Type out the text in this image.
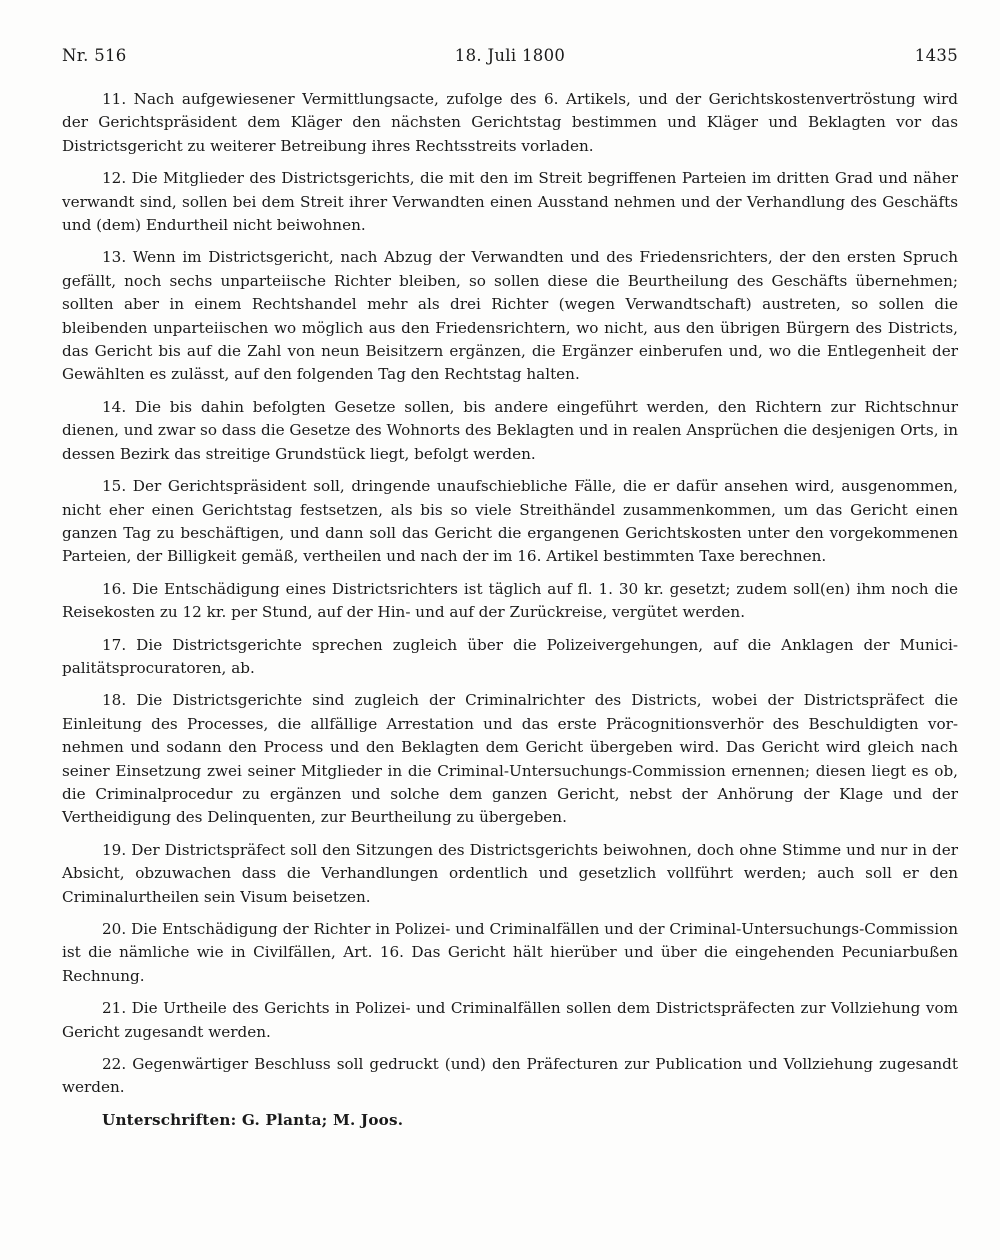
Nr. 516	18. Juli 1800	1435

11. Nach aufgewiesener Vermittlungsacte, zufolge des 6. Artikels, und der Gerichtskostenvertröstung wird der Gerichtspräsident dem Kläger den nächsten Gerichtstag bestimmen und Kläger und Beklagten vor das Districtsgericht zu weiterer Betreibung ihres Rechtsstreits vorladen.

12. Die Mitglieder des Districtsgerichts, die mit den im Streit begriffenen Parteien im dritten Grad und näher verwandt sind, sollen bei dem Streit ihrer Verwandten einen Ausstand nehmen und der Verhandlung des Geschäfts und (dem) Endurtheil nicht beiwohnen.

13. Wenn im Districtsgericht, nach Abzug der Verwandten und des Friedensrichters, der den ersten Spruch gefällt, noch sechs unparteiische Richter bleiben, so sollen diese die Beurtheilung des Geschäfts übernehmen; sollten aber in einem Rechtshandel mehr als drei Richter (wegen Verwandtschaft) austreten, so sollen die bleibenden unparteiischen wo möglich aus den Friedensrichtern, wo nicht, aus den übrigen Bürgern des Districts, das Gericht bis auf die Zahl von neun Beisitzern ergänzen, die Ergänzer einberufen und, wo die Entlegenheit der Gewählten es zulässt, auf den folgenden Tag den Rechtstag halten.

14. Die bis dahin befolgten Gesetze sollen, bis andere eingeführt werden, den Richtern zur Richtschnur dienen, und zwar so dass die Gesetze des Wohnorts des Beklagten und in realen Ansprüchen die desjenigen Orts, in dessen Bezirk das streitige Grundstück liegt, befolgt werden.

15. Der Gerichtspräsident soll, dringende unaufschiebliche Fälle, die er dafür ansehen wird, ausgenommen, nicht eher einen Gerichtstag festsetzen, als bis so viele Streithändel zusammenkommen, um das Gericht einen ganzen Tag zu beschäftigen, und dann soll das Gericht die ergangenen Gerichtskosten unter den vorgekommenen Parteien, der Billigkeit gemäß, vertheilen und nach der im 16. Artikel bestimmten Taxe berechnen.

16. Die Entschädigung eines Districtsrichters ist täglich auf fl. 1. 30 kr. gesetzt; zudem soll(en) ihm noch die Reisekosten zu 12 kr. per Stund, auf der Hin- und auf der Zurückreise, vergütet werden.

17. Die Districtsgerichte sprechen zugleich über die Polizeivergehungen, auf die Anklagen der Municipalitätsprocuratoren, ab.

18. Die Districtsgerichte sind zugleich der Criminalrichter des Districts, wobei der Districtspräfect die Einleitung des Processes, die allfällige Arrestation und das erste Präcognitionsverhör des Beschuldigten vornehmen und sodann den Process und den Beklagten dem Gericht übergeben wird. Das Gericht wird gleich nach seiner Einsetzung zwei seiner Mitglieder in die Criminal-Untersuchungs-Commission ernennen; diesen liegt es ob, die Criminalprocedur zu ergänzen und solche dem ganzen Gericht, nebst der Anhörung der Klage und der Vertheidigung des Delinquenten, zur Beurtheilung zu übergeben.

19. Der Districtspräfect soll den Sitzungen des Districtsgerichts beiwohnen, doch ohne Stimme und nur in der Absicht, obzuwachen dass die Verhandlungen ordentlich und gesetzlich vollführt werden; auch soll er den Criminalurtheilen sein Visum beisetzen.

20. Die Entschädigung der Richter in Polizei- und Criminalfällen und der Criminal-Untersuchungs-Commission ist die nämliche wie in Civilfällen, Art. 16. Das Gericht hält hierüber und über die eingehenden Pecuniarbußen Rechnung.

21. Die Urtheile des Gerichts in Polizei- und Criminalfällen sollen dem Districtspräfecten zur Vollziehung vom Gericht zugesandt werden.

22. Gegenwärtiger Beschluss soll gedruckt (und) den Präfecturen zur Publication und Vollziehung zugesandt werden.

Unterschriften: G. Planta; M. Joos.
